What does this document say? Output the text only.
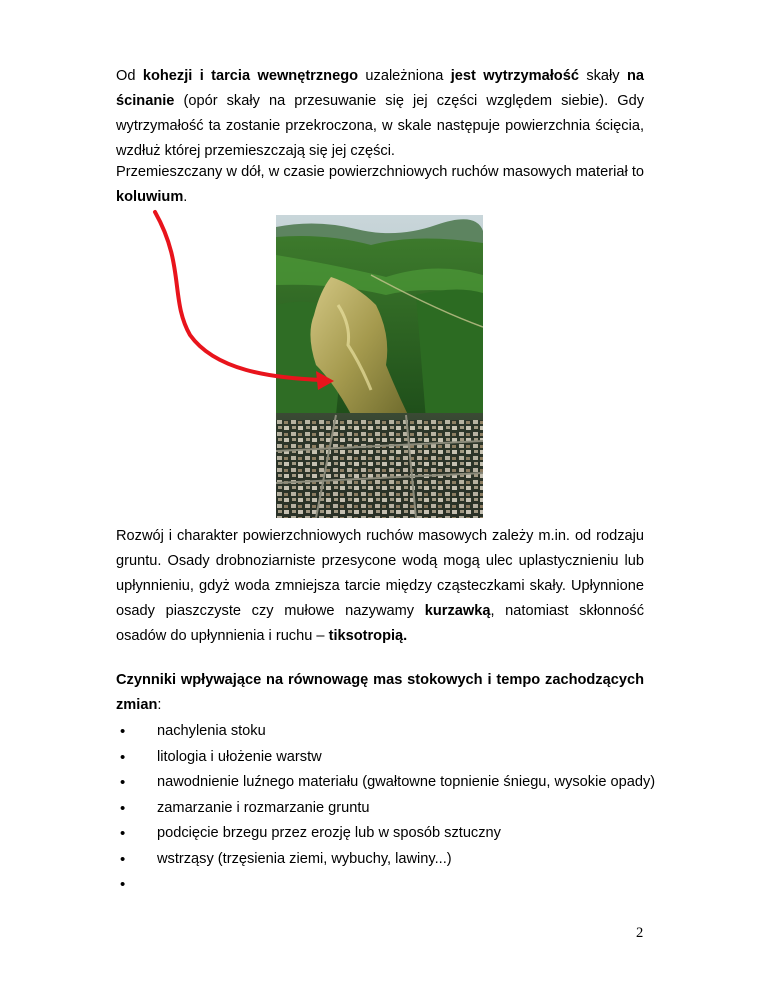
Od kohezji i tarcia wewnętrznego uzależniona jest wytrzymałość skały na ścinanie (opór skały na przesuwanie się jej części względem siebie). Gdy wytrzymałość ta zostanie przekroczona, w skale następuje powierzchnia ścięcia, wzdłuż której przemieszczają się jej części.

Przemieszczany w dół, w czasie powierzchniowych ruchów masowych materiał to koluwium.

Rozwój i charakter powierzchniowych ruchów masowych zależy m.in. od rodzaju gruntu. Osady drobnoziarniste przesycone wodą mogą ulec uplastycznieniu lub upłynnieniu, gdyż woda zmniejsza tarcie między cząsteczkami skały. Upłynnione osady piaszczyste czy mułowe nazywamy kurzawką, natomiast skłonność osadów do upłynnienia i ruchu – tiksotropią.

Czynniki wpływające na równowagę mas stokowych i tempo zachodzących zmian:

• nachylenia stoku
• litologia i ułożenie warstw
• nawodnienie luźnego materiału (gwałtowne topnienie śniegu, wysokie opady)
• zamarzanie i rozmarzanie gruntu
• podcięcie brzegu przez erozję lub w sposób sztuczny
• wstrząsy (trzęsienia ziemi, wybuchy, lawiny...)
•
2
